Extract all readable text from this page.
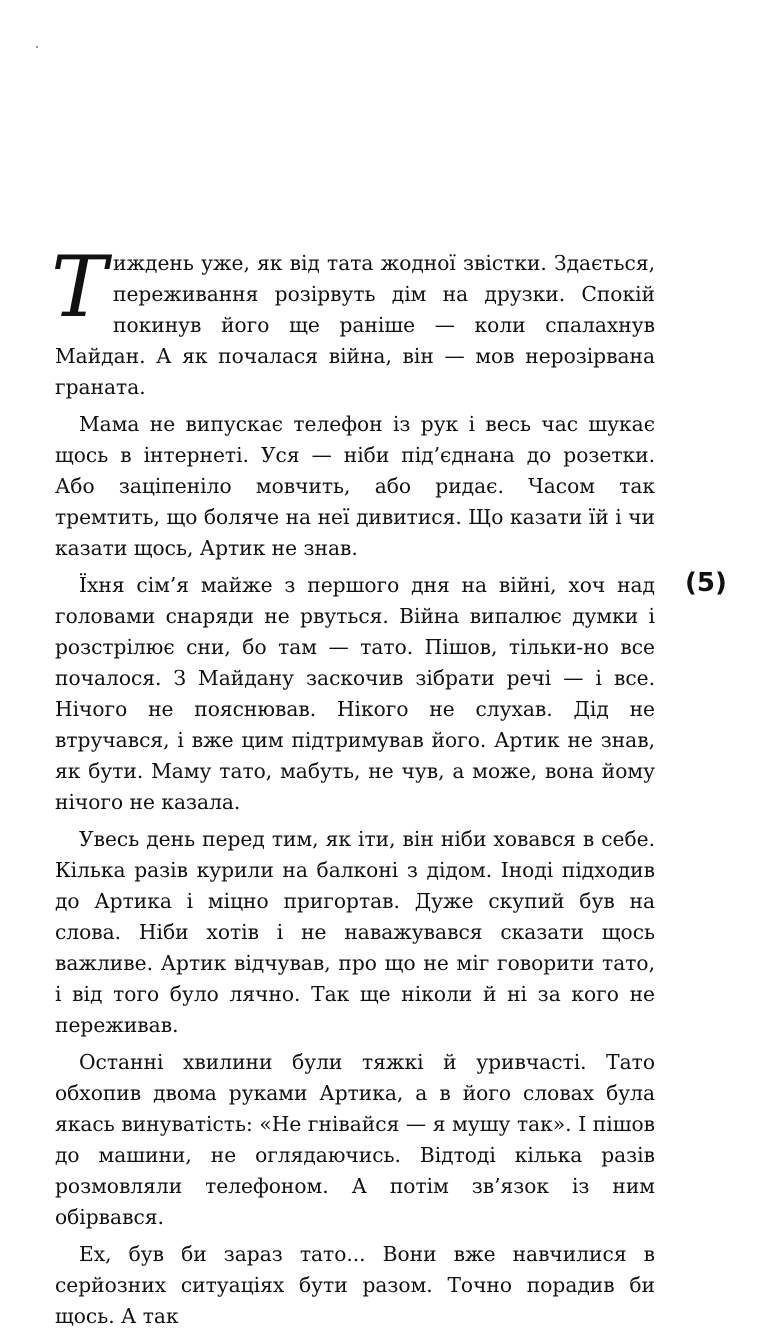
Тиждень уже, як від тата жодної звістки. Здається, переживання розірвуть дім на друзки. Спокій покинув його ще раніше — коли спалахнув Майдан. А як почалася війна, він — мов нерозірвана граната.

Мама не випускає телефон із рук і весь час шукає щось в інтернеті. Уся — ніби під’єднана до розетки. Або заціпеніло мовчить, або ридає. Часом так тремтить, що боляче на неї дивитися. Що казати їй і чи казати щось, Артик не знав.

Їхня сім’я майже з першого дня на війні, хоч над головами снаряди не рвуться. Війна випалює думки і розстрілює сни, бо там — тато. Пішов, тільки-но все почалося. З Майдану заскочив зібрати речі — і все. Нічого не пояснював. Нікого не слухав. Дід не втручався, і вже цим підтримував його. Артик не знав, як бути. Маму тато, мабуть, не чув, а може, вона йому нічого не казала.

Увесь день перед тим, як іти, він ніби ховався в себе. Кілька разів курили на балконі з дідом. Іноді підходив до Артика і міцно пригортав. Дуже скупий був на слова. Ніби хотів і не наважувався сказати щось важливе. Артик відчував, про що не міг говорити тато, і від того було лячно. Так ще ніколи й ні за кого не переживав.

Останні хвилини були тяжкі й уривчасті. Тато обхопив двома руками Артика, а в його словах була якась винуватість: «Не гнівайся — я мушу так». І пішов до машини, не оглядаючись. Відтоді кілька разів розмовляли телефоном. А потім зв’язок із ним обірвався.

Ех, був би зараз тато... Вони вже навчилися в серйозних ситуаціях бути разом. Точно порадив би щось. А так

(5)
